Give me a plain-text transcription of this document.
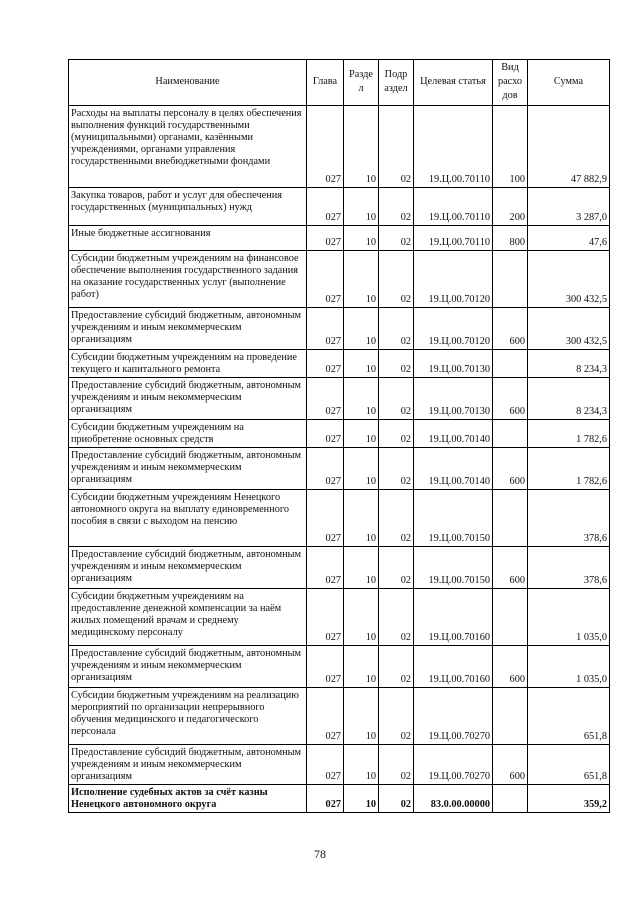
Наименование	Глава	Разде л	Подр аздел	Целевая статья	Вид расхо дов	Сумма
Расходы на выплаты персоналу в целях обеспечения выполнения функций государственными (муниципальными) органами, казёнными учреждениями, органами управления государственными внебюджетными фондами	027	10	02	19.Ц.00.70110	100	47 882,9
Закупка товаров, работ и услуг для обеспечения государственных (муниципальных) нужд	027	10	02	19.Ц.00.70110	200	3 287,0
Иные бюджетные ассигнования	027	10	02	19.Ц.00.70110	800	47,6
Субсидии бюджетным учреждениям на финансовое обеспечение выполнения государственного задания на оказание государственных услуг (выполнение работ)	027	10	02	19.Ц.00.70120		300 432,5
Предоставление субсидий бюджетным, автономным учреждениям и иным некоммерческим организациям	027	10	02	19.Ц.00.70120	600	300 432,5
Субсидии бюджетным учреждениям на проведение текущего и капитального ремонта	027	10	02	19.Ц.00.70130		8 234,3
Предоставление субсидий бюджетным, автономным учреждениям и иным некоммерческим организациям	027	10	02	19.Ц.00.70130	600	8 234,3
Субсидии бюджетным учреждениям на приобретение основных средств	027	10	02	19.Ц.00.70140		1 782,6
Предоставление субсидий бюджетным, автономным учреждениям и иным некоммерческим организациям	027	10	02	19.Ц.00.70140	600	1 782,6
Субсидии бюджетным учреждениям Ненецкого автономного округа на выплату единовременного пособия в связи с выходом на пенсию	027	10	02	19.Ц.00.70150		378,6
Предоставление субсидий бюджетным, автономным учреждениям и иным некоммерческим организациям	027	10	02	19.Ц.00.70150	600	378,6
Субсидии бюджетным учреждениям на предоставление денежной компенсации за наём жилых помещений врачам и среднему медицинскому персоналу	027	10	02	19.Ц.00.70160		1 035,0
Предоставление субсидий бюджетным, автономным учреждениям и иным некоммерческим организациям	027	10	02	19.Ц.00.70160	600	1 035,0
Субсидии бюджетным учреждениям на реализацию мероприятий по организации непрерывного обучения медицинского и педагогического персонала	027	10	02	19.Ц.00.70270		651,8
Предоставление субсидий бюджетным, автономным учреждениям и иным некоммерческим организациям	027	10	02	19.Ц.00.70270	600	651,8
Исполнение судебных актов за счёт казны Ненецкого автономного округа	027	10	02	83.0.00.00000		359,2
78
